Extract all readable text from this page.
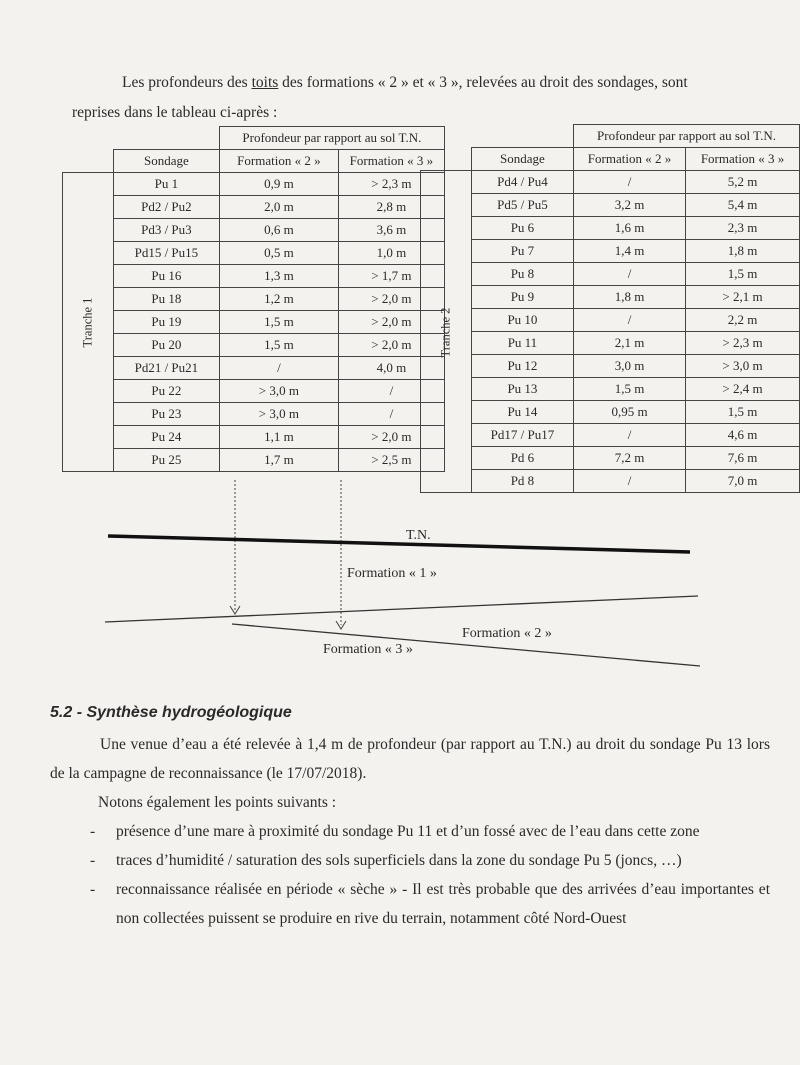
Les profondeurs des toits des formations « 2 » et « 3 », relevées au droit des sondages, sont
reprises dans le tableau ci-après :
		Profondeur par rapport au sol T.N.	
	Sondage	Formation « 2 »	Formation « 3 »
Tranche 1	Pu 1	0,9 m	> 2,3 m
	Pd2 / Pu2	2,0 m	2,8 m
	Pd3 / Pu3	0,6 m	3,6 m
	Pd15 / Pu15	0,5 m	1,0 m
	Pu 16	1,3 m	> 1,7 m
	Pu 18	1,2 m	> 2,0 m
	Pu 19	1,5 m	> 2,0 m
	Pu 20	1,5 m	> 2,0 m
	Pd21 / Pu21	/	4,0 m
	Pu 22	> 3,0 m	/
	Pu 23	> 3,0 m	/
	Pu 24	1,1 m	> 2,0 m
	Pu 25	1,7 m	> 2,5 m
		Profondeur par rapport au sol T.N.	
	Sondage	Formation « 2 »	Formation « 3 »
Tranche 2	Pd4 / Pu4	/	5,2 m
	Pd5 / Pu5	3,2 m	5,4 m
	Pu 6	1,6 m	2,3 m
	Pu 7	1,4 m	1,8 m
	Pu 8	/	1,5 m
	Pu 9	1,8 m	> 2,1 m
	Pu 10	/	2,2 m
	Pu 11	2,1 m	> 2,3 m
	Pu 12	3,0 m	> 3,0 m
	Pu 13	1,5 m	> 2,4 m
	Pu 14	0,95 m	1,5 m
	Pd17 / Pu17	/	4,6 m
	Pd 6	7,2 m	7,6 m
	Pd 8	/	7,0 m
T.N.
Formation « 1 »
Formation « 2 »
Formation « 3 »
5.2 - Synthèse hydrogéologique

Une venue d’eau a été relevée à 1,4 m de profondeur (par rapport au T.N.) au droit du sondage Pu 13 lors de la campagne de reconnaissance (le 17/07/2018).

Notons également les points suivants :

- présence d’une mare à proximité du sondage Pu 11 et d’un fossé avec de l’eau dans cette zone
- traces d’humidité / saturation des sols superficiels dans la zone du sondage Pu 5 (joncs, …)
- reconnaissance réalisée en période « sèche » - Il est très probable que des arrivées d’eau importantes et non collectées puissent se produire en rive du terrain, notamment côté Nord-Ouest
